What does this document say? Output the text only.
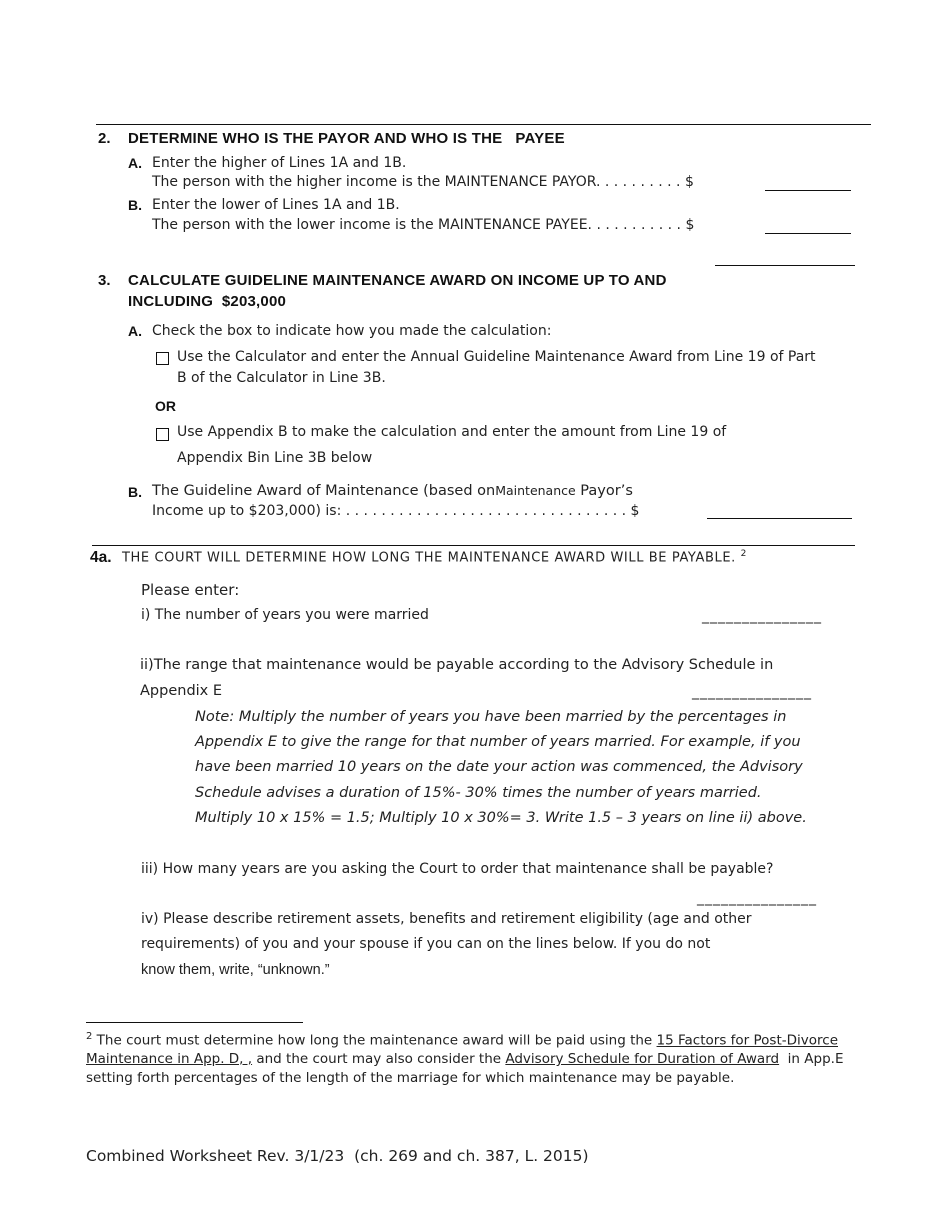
2. DETERMINE WHO IS THE PAYOR AND WHO IS THE   PAYEE
A. Enter the higher of Lines 1A and 1B.
The person with the higher income is the MAINTENANCE PAYOR. . . . . . . . . . $
B. Enter the lower of Lines 1A and 1B.
The person with the lower income is the MAINTENANCE PAYEE. . . . . . . . . . . $
3. CALCULATE GUIDELINE MAINTENANCE AWARD ON INCOME UP TO AND
INCLUDING  $203,000
A. Check the box to indicate how you made the calculation:
Use the Calculator and enter the Annual Guideline Maintenance Award from Line 19 of Part
B of the Calculator in Line 3B.
OR
Use Appendix B to make the calculation and enter the amount from Line 19 of
Appendix Bin Line 3B below
B. The Guideline Award of Maintenance (based onMaintenance Payor’s
Income up to $203,000) is: . . . . . . . . . . . . . . . . . . . . . . . . . . . . . . . . $
4a. THE COURT WILL DETERMINE HOW LONG THE MAINTENANCE AWARD WILL BE PAYABLE. $^2$
Please enter:
i) The number of years you were married	_______________
ii)The range that maintenance would be payable according to the Advisory Schedule in
Appendix E	_______________
Note: Multiply the number of years you have been married by the percentages in
Appendix E to give the range for that number of years married. For example, if you
have been married 10 years on the date your action was commenced, the Advisory
Schedule advises a duration of 15%- 30% times the number of years married.
Multiply 10 x 15% = 1.5; Multiply 10 x 30%= 3. Write 1.5 – 3 years on line ii) above.
iii) How many years are you asking the Court to order that maintenance shall be payable?
_______________
iv) Please describe retirement assets, benefits and retirement eligibility (age and other
requirements) of you and your spouse if you can on the lines below. If you do not
know them, write, “unknown.”
$^2$ The court must determine how long the maintenance award will be paid using the 15 Factors for Post-Divorce
Maintenance in App. D, , and the court may also consider the Advisory Schedule for Duration of Award  in App.E
setting forth percentages of the length of the marriage for which maintenance may be payable.
Combined Worksheet Rev. 3/1/23  (ch. 269 and ch. 387, L. 2015)
